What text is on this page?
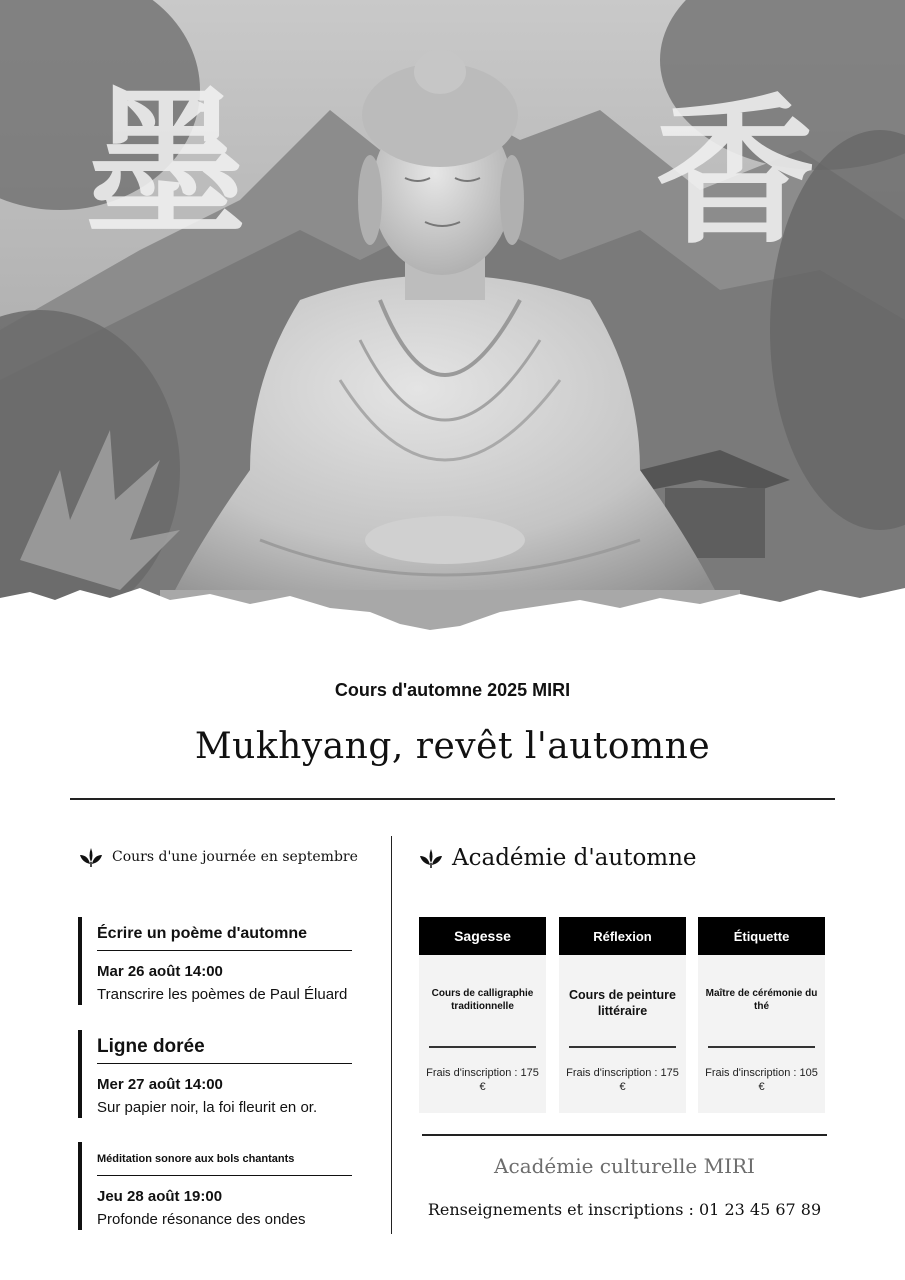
墨	香
Cours d'automne 2025 MIRI
Mukhyang, revêt l'automne
Cours d'une journée en septembre
Écrire un poème d'automne
Mar 26 août 14:00
Transcrire les poèmes de Paul Éluard
Ligne dorée
Mer 27 août 14:00
Sur papier noir, la foi fleurit en or.
Méditation sonore aux bols chantants
Jeu 28 août 19:00
Profonde résonance des ondes
Académie d'automne
Sagesse
Cours de calligraphie traditionnelle
Frais d'inscription : 175 €
Réflexion
Cours de peinture littéraire
Frais d'inscription : 175 €
Étiquette
Maître de cérémonie du thé
Frais d'inscription : 105 €
Académie culturelle MIRI
Renseignements et inscriptions : 01 23 45 67 89
